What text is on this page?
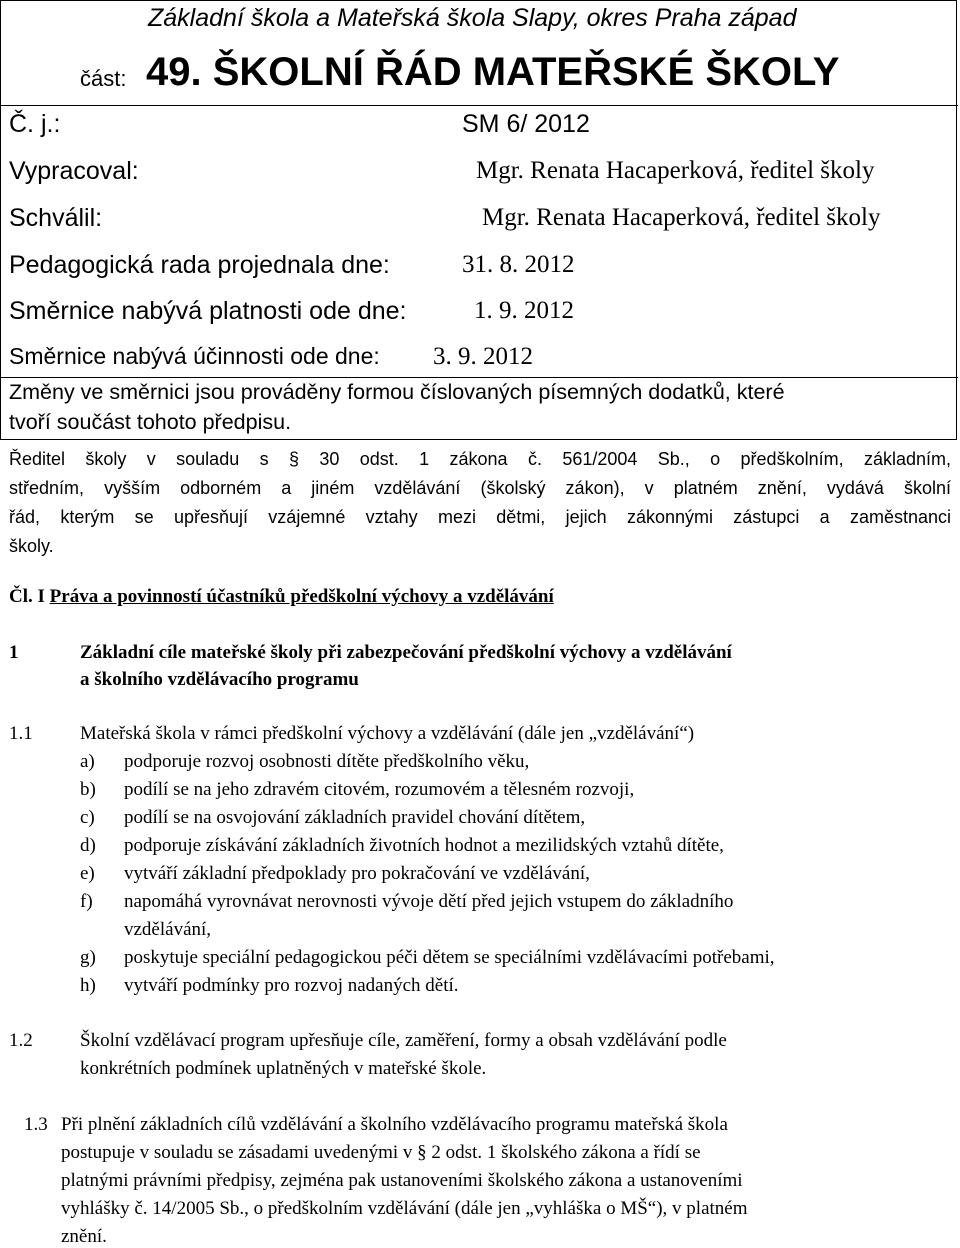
Základní škola a Mateřská škola Slapy, okres Praha západ
část: 49. ŠKOLNÍ ŘÁD MATEŘSKÉ ŠKOLY
Č. j.:	SM 6/ 2012
Vypracoval:	Mgr. Renata Hacaperková, ředitel školy
Schválil:	Mgr. Renata Hacaperková, ředitel školy
Pedagogická rada projednala dne:	31. 8. 2012
Směrnice nabývá platnosti ode dne:	1. 9. 2012
Směrnice nabývá účinnosti ode dne: 3. 9. 2012
Změny ve směrnici jsou prováděny formou číslovaných písemných dodatků, které
tvoří součást tohoto předpisu.
Ředitel školy v souladu s § 30 odst. 1 zákona č. 561/2004 Sb., o předškolním, základním,
středním, vyšším odborném a jiném vzdělávání (školský zákon), v platném znění, vydává školní
řád, kterým se upřesňují vzájemné vztahy mezi dětmi, jejich zákonnými zástupci a zaměstnanci
školy.
Čl. I Práva a povinností účastníků předškolní výchovy a vzdělávání
1	Základní cíle mateřské školy při zabezpečování předškolní výchovy a vzdělávání
a školního vzdělávacího programu
1.1 Mateřská škola v rámci předškolní výchovy a vzdělávání (dále jen „vzdělávání“)
a) podporuje rozvoj osobnosti dítěte předškolního věku,
b) podílí se na jeho zdravém citovém, rozumovém a tělesném rozvoji,
c) podílí se na osvojování základních pravidel chování dítětem,
d) podporuje získávání základních životních hodnot a mezilidských vztahů dítěte,
e) vytváří základní předpoklady pro pokračování ve vzdělávání,
f) napomáhá vyrovnávat nerovnosti vývoje dětí před jejich vstupem do základního
vzdělávání,
g) poskytuje speciální pedagogickou péči dětem se speciálními vzdělávacími potřebami,
h) vytváří podmínky pro rozvoj nadaných dětí.
1.2 Školní vzdělávací program upřesňuje cíle, zaměření, formy a obsah vzdělávání podle
konkrétních podmínek uplatněných v mateřské škole.
1.3 Při plnění základních cílů vzdělávání a školního vzdělávacího programu mateřská škola
postupuje v souladu se zásadami uvedenými v § 2 odst. 1 školského zákona a řídí se
platnými právními předpisy, zejména pak ustanoveními školského zákona a ustanoveními
vyhlášky č. 14/2005 Sb., o předškolním vzdělávání (dále jen „vyhláška o MŠ“), v platném
znění.
